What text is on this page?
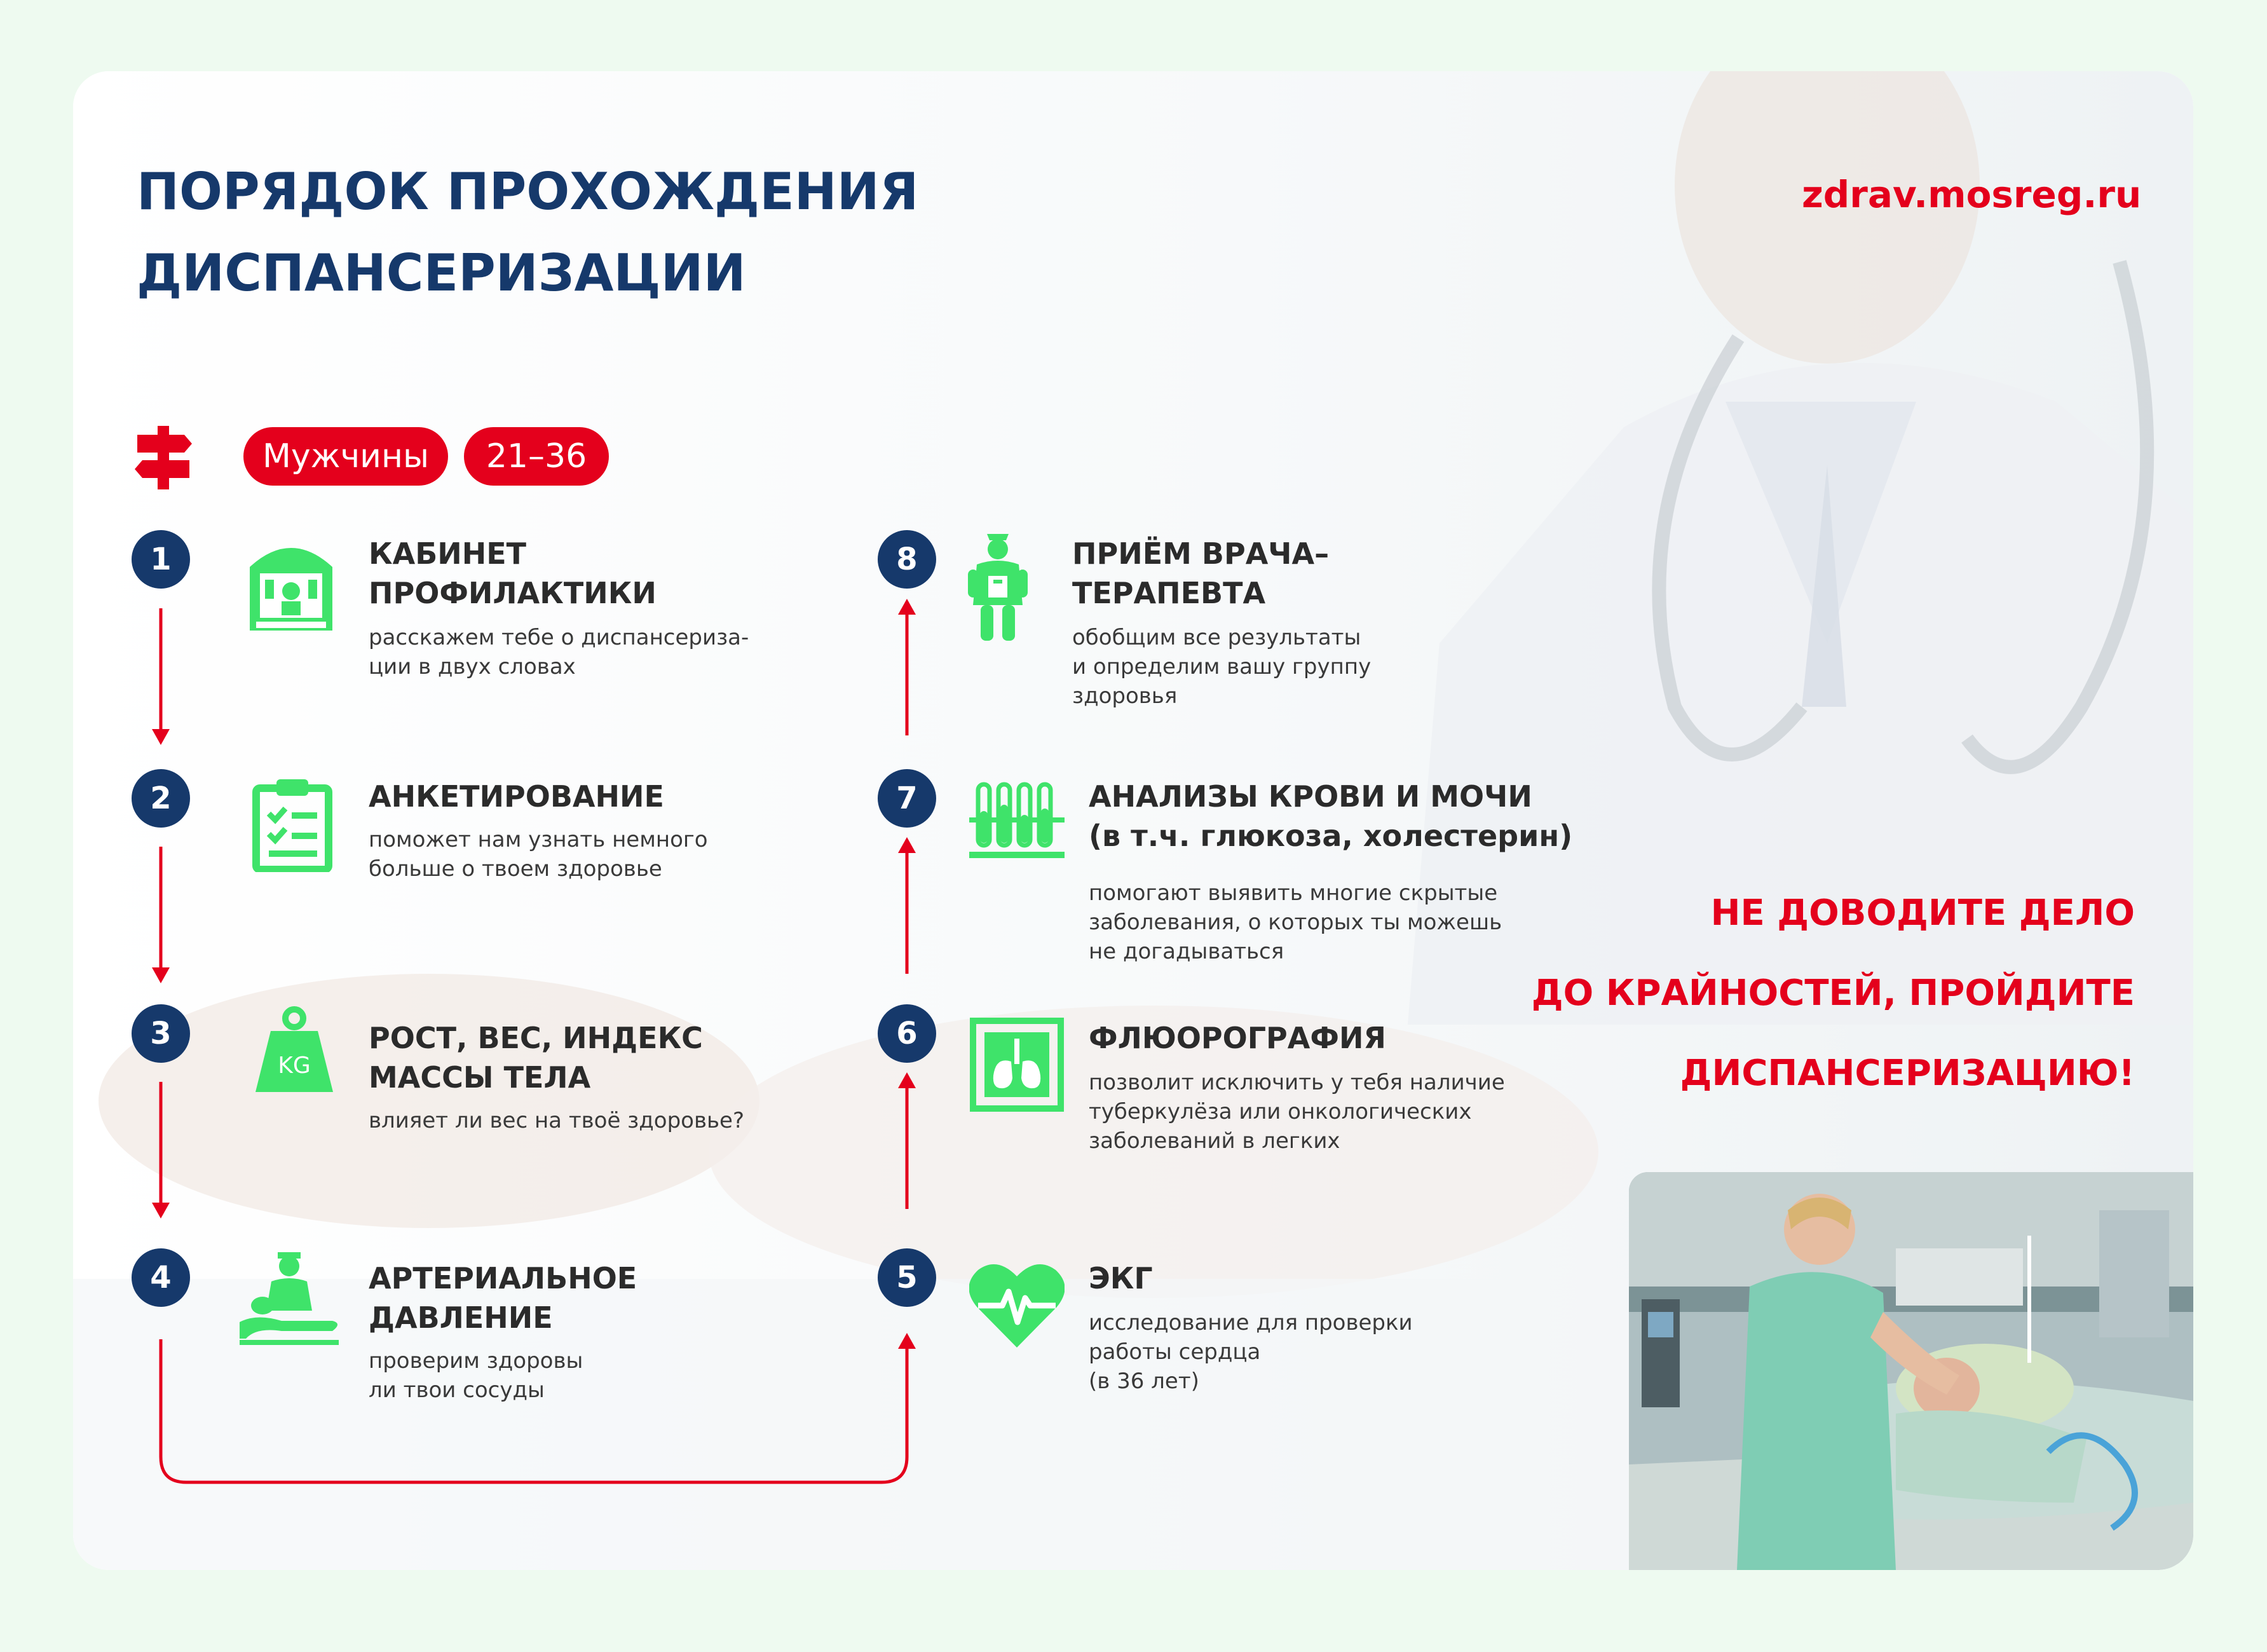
ПОРЯДОК ПРОХОЖДЕНИЯ
ДИСПАНСЕРИЗАЦИИ
zdrav.mosreg.ru
Мужчины	21–36
1	КАБИНЕТ
ПРОФИЛАКТИКИ
расскажем тебе о диспансериза-
ции в двух словах
2	АНКЕТИРОВАНИЕ
поможет нам узнать немного
больше о твоем здоровье
3
KG
РОСТ, ВЕС, ИНДЕКС
МАССЫ ТЕЛА
влияет ли вес на твоё здоровье?
4	АРТЕРИАЛЬНОЕ
ДАВЛЕНИЕ
проверим здоровы
ли твои сосуды
5	ЭКГ
исследование для проверки
работы сердца
(в 36 лет)
6	ФЛЮОРОГРАФИЯ
позволит исключить у тебя наличие
туберкулёза или онкологических
заболеваний в легких
7	АНАЛИЗЫ КРОВИ И МОЧИ
(в т.ч. глюкоза, холестерин)
помогают выявить многие скрытые
заболевания, о которых ты можешь
не догадываться
8	ПРИЁМ ВРАЧА–
ТЕРАПЕВТА
обобщим все результаты
и определим вашу группу
здоровья
НЕ ДОВОДИТЕ ДЕЛО
ДО КРАЙНОСТЕЙ, ПРОЙДИТЕ
ДИСПАНСЕРИЗАЦИЮ!
